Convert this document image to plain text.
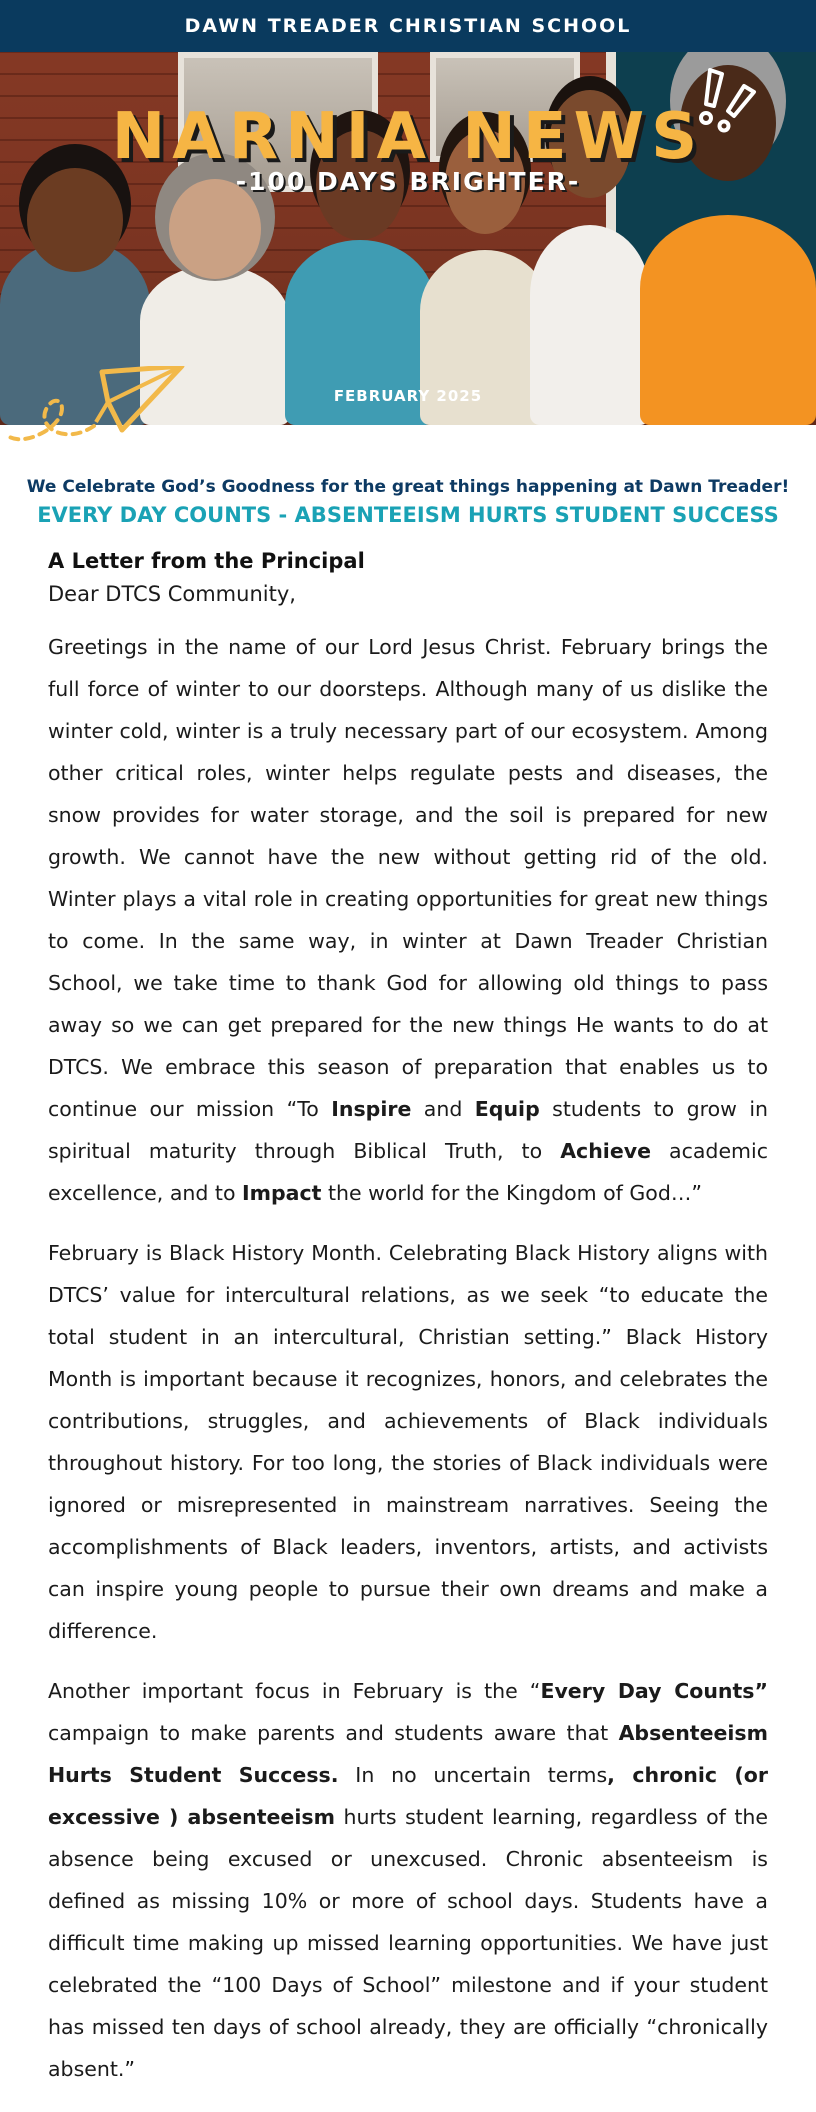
DAWN TREADER CHRISTIAN SCHOOL
NARNIA NEWS
-100 DAYS BRIGHTER-
FEBRUARY 2025
We Celebrate God’s Goodness for the great things happening at Dawn Treader!
EVERY DAY COUNTS - ABSENTEEISM HURTS STUDENT SUCCESS
A Letter from the Principal
Dear DTCS Community,

Greetings in the name of our Lord Jesus Christ. February brings the full force of winter to our doorsteps. Although many of us dislike the winter cold, winter is a truly necessary part of our ecosystem. Among other critical roles, winter helps regulate pests and diseases, the snow provides for water storage, and the soil is prepared for new growth. We cannot have the new without getting rid of the old. Winter plays a vital role in creating opportunities for great new things to come. In the same way, in winter at Dawn Treader Christian School, we take time to thank God for allowing old things to pass away so we can get prepared for the new things He wants to do at DTCS. We embrace this season of preparation that enables us to continue our mission “To Inspire and Equip students to grow in spiritual maturity through Biblical Truth, to Achieve academic excellence, and to Impact the world for the Kingdom of God…”

February is Black History Month. Celebrating Black History aligns with DTCS’ value for intercultural relations, as we seek “to educate the total student in an intercultural, Christian setting.” Black History Month is important because it recognizes, honors, and celebrates the contributions, struggles, and achievements of Black individuals throughout history. For too long, the stories of Black individuals were ignored or misrepresented in mainstream narratives. Seeing the accomplishments of Black leaders, inventors, artists, and activists can inspire young people to pursue their own dreams and make a difference.

Another important focus in February is the “Every Day Counts” campaign to make parents and students aware that Absenteeism Hurts Student Success. In no uncertain terms, chronic (or excessive ) absenteeism hurts student learning, regardless of the absence being excused or unexcused. Chronic absenteeism is defined as missing 10% or more of school days. Students have a difficult time making up missed learning opportunities. We have just celebrated the “100 Days of School” milestone and if your student has missed ten days of school already, they are officially “chronically absent.”
